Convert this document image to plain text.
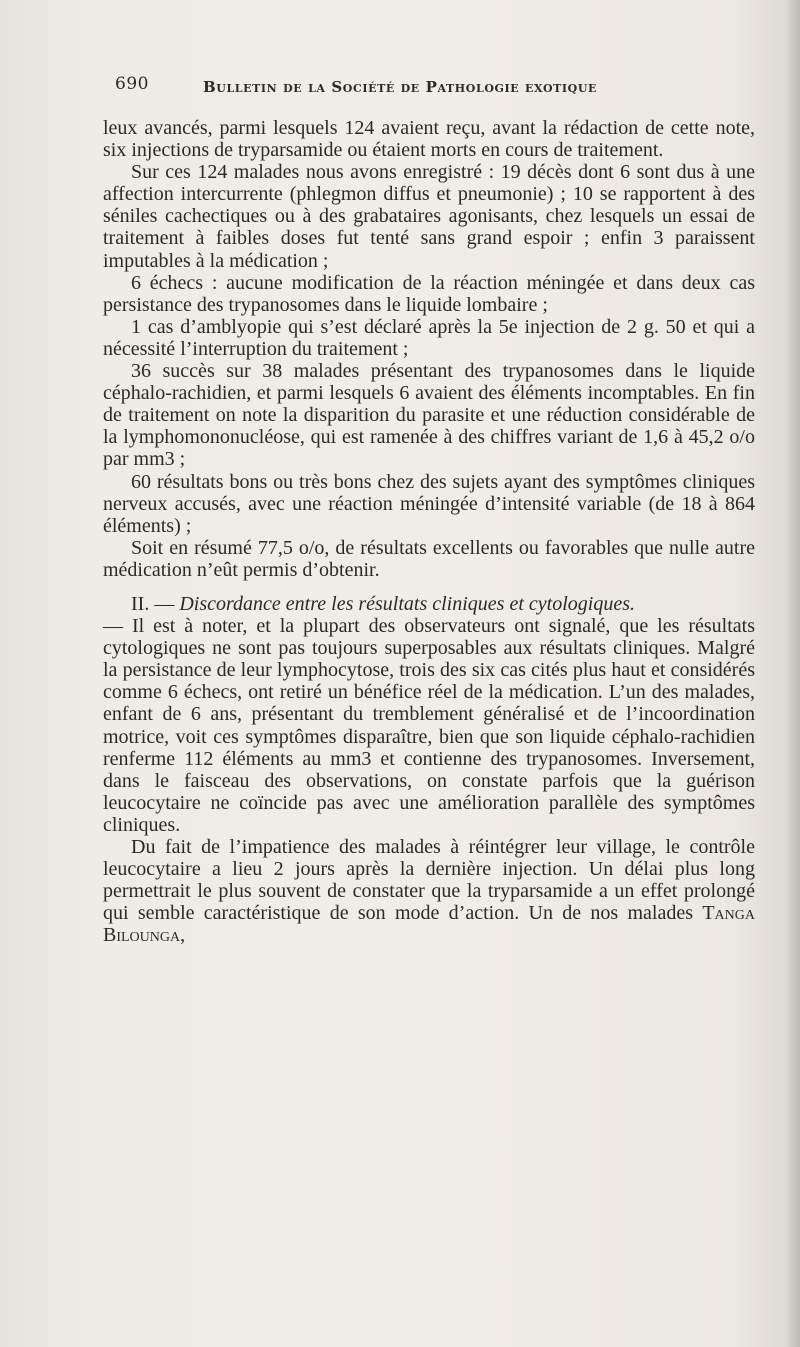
690	Bulletin de la Société de Pathologie exotique

leux avancés, parmi lesquels 124 avaient reçu, avant la rédaction de cette note, six injections de tryparsamide ou étaient morts en cours de traitement.

Sur ces 124 malades nous avons enregistré : 19 décès dont 6 sont dus à une affection intercurrente (phlegmon diffus et pneumonie) ; 10 se rapportent à des séniles cachectiques ou à des grabataires agonisants, chez lesquels un essai de traitement à faibles doses fut tenté sans grand espoir ; enfin 3 paraissent imputables à la médication ;

6 échecs : aucune modification de la réaction méningée et dans deux cas persistance des trypanosomes dans le liquide lombaire ;

1 cas d’amblyopie qui s’est déclaré après la 5e injection de 2 g. 50 et qui a nécessité l’interruption du traitement ;

36 succès sur 38 malades présentant des trypanosomes dans le liquide céphalo-rachidien, et parmi lesquels 6 avaient des éléments incomptables. En fin de traitement on note la disparition du parasite et une réduction considérable de la lymphomononucléose, qui est ramenée à des chiffres variant de 1,6 à 45,2 o/o par mm3 ;

60 résultats bons ou très bons chez des sujets ayant des symptômes cliniques nerveux accusés, avec une réaction méningée d’intensité variable (de 18 à 864 éléments) ;

Soit en résumé 77,5 o/o, de résultats excellents ou favorables que nulle autre médication n’eût permis d’obtenir.

II. — Discordance entre les résultats cliniques et cytologiques.
— Il est à noter, et la plupart des observateurs ont signalé, que les résultats cytologiques ne sont pas toujours superposables aux résultats cliniques. Malgré la persistance de leur lymphocytose, trois des six cas cités plus haut et considérés comme 6 échecs, ont retiré un bénéfice réel de la médication. L’un des malades, enfant de 6 ans, présentant du tremblement généralisé et de l’incoordination motrice, voit ces symptômes disparaître, bien que son liquide céphalo-rachidien renferme 112 éléments au mm3 et contienne des trypanosomes. Inversement, dans le faisceau des observations, on constate parfois que la guérison leucocytaire ne coïncide pas avec une amélioration parallèle des symptômes cliniques.

Du fait de l’impatience des malades à réintégrer leur village, le contrôle leucocytaire a lieu 2 jours après la dernière injection. Un délai plus long permettrait le plus souvent de constater que la tryparsamide a un effet prolongé qui semble caractéristique de son mode d’action. Un de nos malades Tanga Bilounga,
